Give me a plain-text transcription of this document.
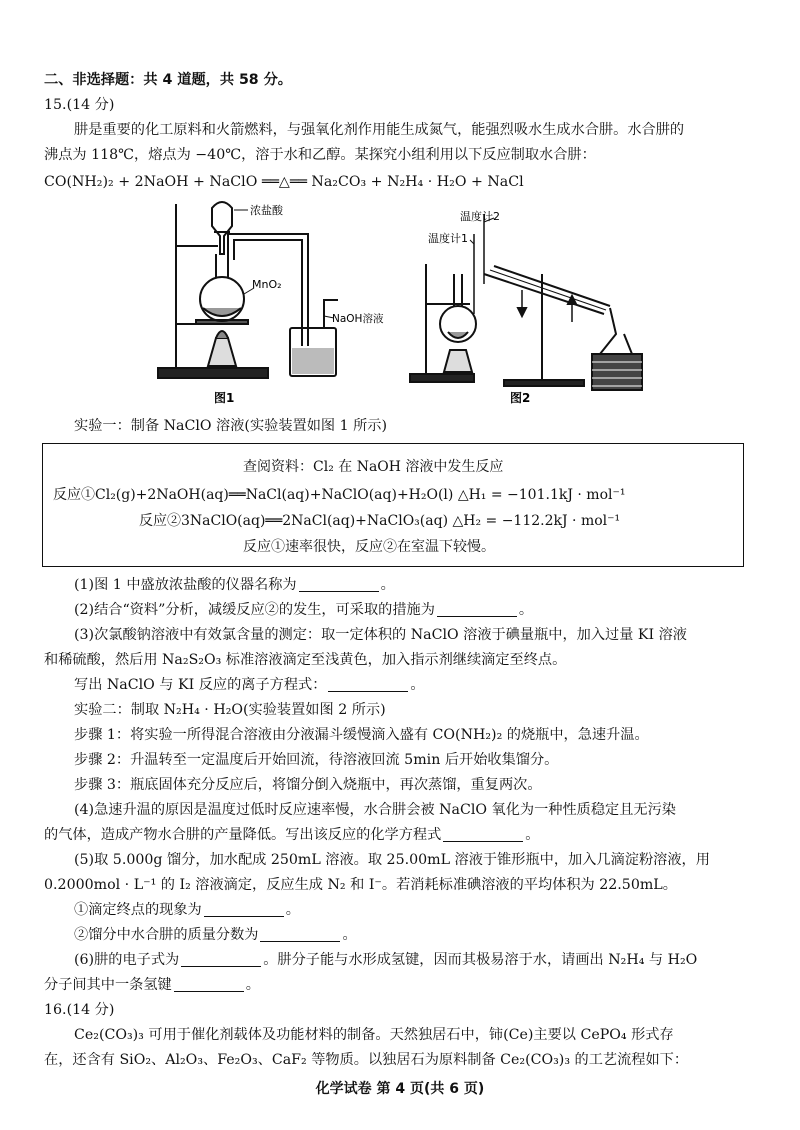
二、非选择题：共 4 道题，共 58 分。
15.(14 分)
肼是重要的化工原料和火箭燃料，与强氧化剂作用能生成氮气，能强烈吸水生成水合肼。水合肼的
沸点为 118℃，熔点为 −40℃，溶于水和乙醇。某探究小组利用以下反应制取水合肼：
CO(NH₂)₂ + 2NaOH + NaClO ══△══ Na₂CO₃ + N₂H₄ · H₂O + NaCl
浓盐酸
MnO₂
NaOH溶液
图1
温度计2
温度计1
图2
实验一：制备 NaClO 溶液(实验装置如图 1 所示)
查阅资料：Cl₂ 在 NaOH 溶液中发生反应
反应①Cl₂(g)+2NaOH(aq)══NaCl(aq)+NaClO(aq)+H₂O(l) △H₁ = −101.1kJ · mol⁻¹
反应②3NaClO(aq)══2NaCl(aq)+NaClO₃(aq) △H₂ = −112.2kJ · mol⁻¹
反应①速率很快，反应②在室温下较慢。
(1)图 1 中盛放浓盐酸的仪器名称为	。
(2)结合“资料”分析，减缓反应②的发生，可采取的措施为	。
(3)次氯酸钠溶液中有效氯含量的测定：取一定体积的 NaClO 溶液于碘量瓶中，加入过量 KI 溶液
和稀硫酸，然后用 Na₂S₂O₃ 标准溶液滴定至浅黄色，加入指示剂继续滴定至终点。
写出 NaClO 与 KI 反应的离子方程式：	。
实验二：制取 N₂H₄ · H₂O(实验装置如图 2 所示)
步骤 1：将实验一所得混合溶液由分液漏斗缓慢滴入盛有 CO(NH₂)₂ 的烧瓶中，急速升温。
步骤 2：升温转至一定温度后开始回流，待溶液回流 5min 后开始收集馏分。
步骤 3：瓶底固体充分反应后，将馏分倒入烧瓶中，再次蒸馏，重复两次。
(4)急速升温的原因是温度过低时反应速率慢，水合肼会被 NaClO 氧化为一种性质稳定且无污染
的气体，造成产物水合肼的产量降低。写出该反应的化学方程式	。
(5)取 5.000g 馏分，加水配成 250mL 溶液。取 25.00mL 溶液于锥形瓶中，加入几滴淀粉溶液，用
0.2000mol · L⁻¹ 的 I₂ 溶液滴定，反应生成 N₂ 和 I⁻。若消耗标准碘溶液的平均体积为 22.50mL。
①滴定终点的现象为	。
②馏分中水合肼的质量分数为	。
(6)肼的电子式为	。肼分子能与水形成氢键，因而其极易溶于水，请画出 N₂H₄ 与 H₂O
分子间其中一条氢键	。
16.(14 分)
Ce₂(CO₃)₃ 可用于催化剂载体及功能材料的制备。天然独居石中，铈(Ce)主要以 CePO₄ 形式存
在，还含有 SiO₂、Al₂O₃、Fe₂O₃、CaF₂ 等物质。以独居石为原料制备 Ce₂(CO₃)₃ 的工艺流程如下：
化学试卷 第 4 页(共 6 页)
